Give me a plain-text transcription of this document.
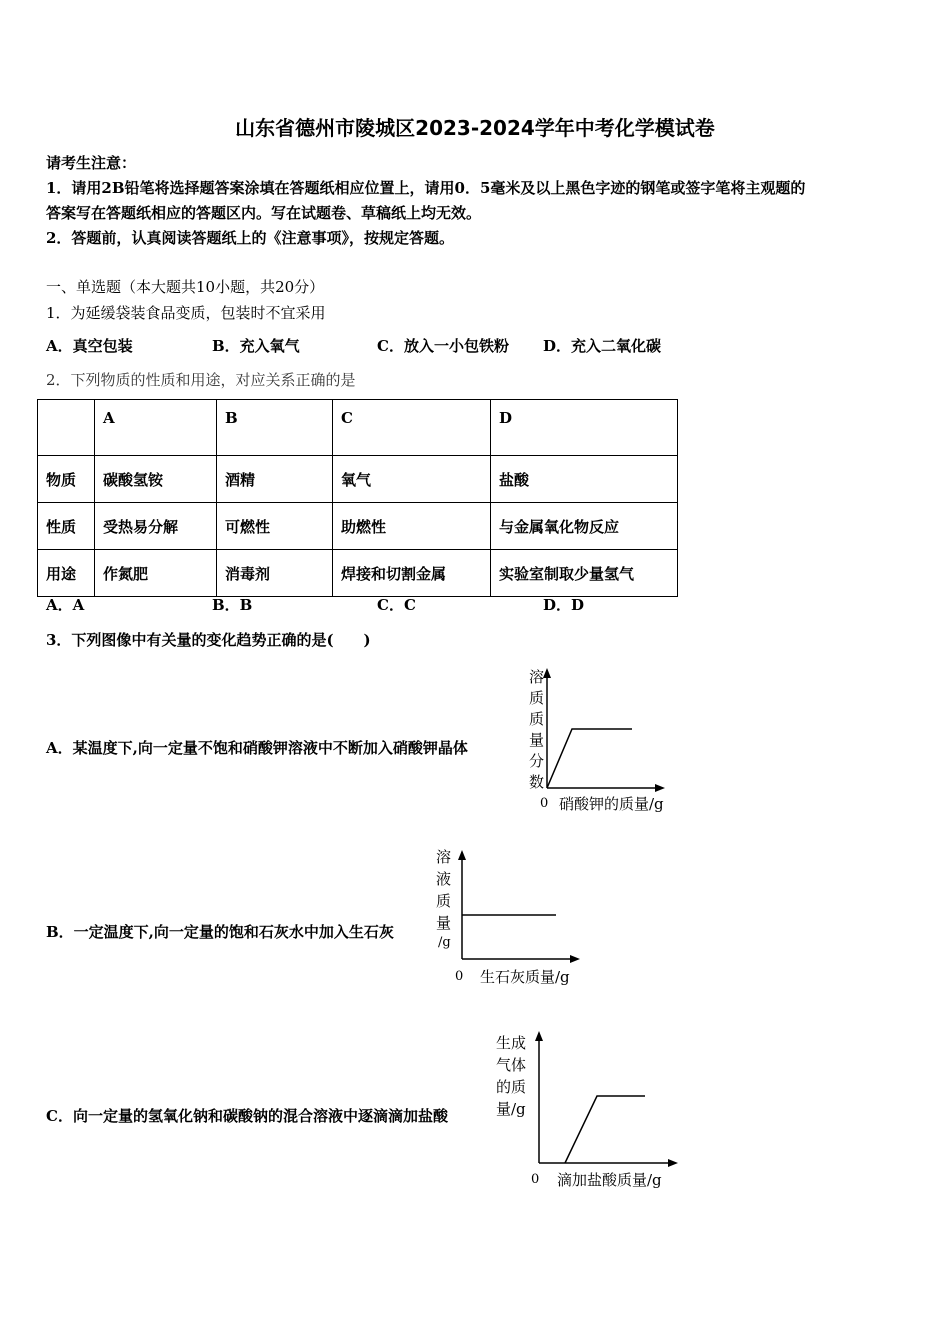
山东省德州市陵城区2023-2024学年中考化学模试卷
请考生注意：
1．请用2B铅笔将选择题答案涂填在答题纸相应位置上，请用0．5毫米及以上黑色字迹的钢笔或签字笔将主观题的
答案写在答题纸相应的答题区内。写在试题卷、草稿纸上均无效。
2．答题前，认真阅读答题纸上的《注意事项》，按规定答题。
一、单选题（本大题共10小题，共20分）
1．为延缓袋装食品变质，包装时不宜采用
A．真空包装	B．充入氧气	C．放入一小包铁粉 D．充入二氧化碳
2．下列物质的性质和用途，对应关系正确的是
	A	B	C	D
物质	碳酸氢铵	酒精	氧气	盐酸
性质	受热易分解	可燃性	助燃性	与金属氧化物反应
用途	作氮肥	消毒剂	焊接和切割金属	实验室制取少量氢气
A．A	B．B	C．C	D．D
3．下列图像中有关量的变化趋势正确的是(　　)
A．某温度下,向一定量不饱和硝酸钾溶液中不断加入硝酸钾晶体
B．一定温度下,向一定量的饱和石灰水中加入生石灰
C．向一定量的氢氧化钠和碳酸钠的混合溶液中逐滴滴加盐酸
溶
质
质
量
分
数
0 硝酸钾的质量/g
溶
液
质
量
/g
0 生石灰质量/g
生成
气体
的质
量/g
0 滴加盐酸质量/g
